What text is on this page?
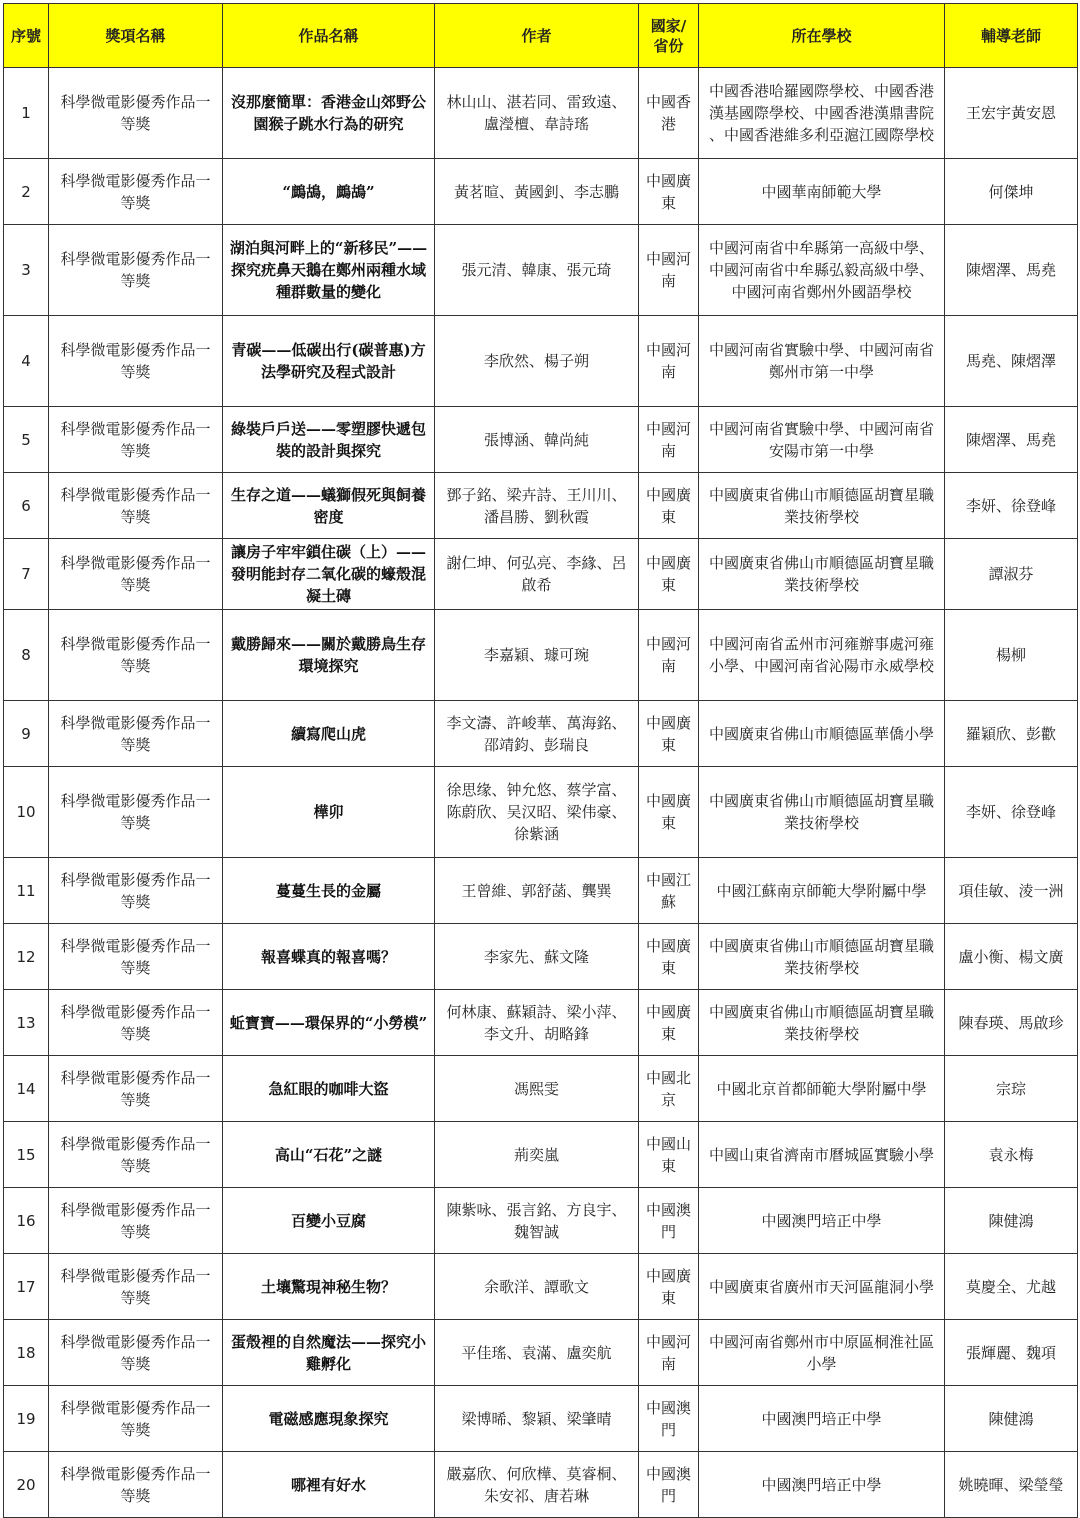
序號	獎項名稱	作品名稱	作者	國家/省份	所在學校	輔導老師
1	科學微電影優秀作品一等獎	沒那麼簡單：香港金山郊野公園猴子跳水行為的研究	林山山、湛若同、雷致遠、盧瀅檀、韋詩瑤	中國香港	中國香港哈羅國際學校、中國香港漢基國際學校、中國香港漢鼎書院 、中國香港維多利亞滬江國際學校	王宏宇黃安恩
2	科學微電影優秀作品一等獎	“鷓鴣，鷓鴣”	黃茗暄、黃國釗、李志鵬	中國廣東	中國華南師範大學	何傑坤
3	科學微電影優秀作品一等獎	湖泊與河畔上的“新移民”——探究疣鼻天鵝在鄭州兩種水域種群數量的變化	張元清、韓康、張元琦	中國河南	中國河南省中牟縣第一高級中學、中國河南省中牟縣弘毅高級中學、中國河南省鄭州外國語學校	陳熠澤、馬堯
4	科學微電影優秀作品一等獎	青碳——低碳出行(碳普惠)方法學研究及程式設計	李欣然、楊子朔	中國河南	中國河南省實驗中學、中國河南省鄭州市第一中學	馬堯、陳熠澤
5	科學微電影優秀作品一等獎	綠裝戶戶送——零塑膠快遞包裝的設計與探究	張博涵、韓尚純	中國河南	中國河南省實驗中學、中國河南省安陽市第一中學	陳熠澤、馬堯
6	科學微電影優秀作品一等獎	生存之道——蟻獅假死與飼養密度	鄧子銘、梁卉詩、王川川、潘昌勝、劉秋霞	中國廣東	中國廣東省佛山市順德區胡寶星職業技術學校	李妍、徐登峰
7	科學微電影優秀作品一等獎	讓房子牢牢鎖住碳（上）——發明能封存二氧化碳的蠔殼混凝土磚	謝仁坤、何弘亮、李緣、呂啟希	中國廣東	中國廣東省佛山市順德區胡寶星職業技術學校	譚淑芬
8	科學微電影優秀作品一等獎	戴勝歸來——關於戴勝鳥生存環境探究	李嘉穎、璩可琬	中國河南	中國河南省孟州市河雍辦事處河雍小學、中國河南省沁陽市永威學校	楊柳
9	科學微電影優秀作品一等獎	續寫爬山虎	李文濤、許峻華、萬海銘、邵靖鈞、彭瑞良	中國廣東	中國廣東省佛山市順德區華僑小學	羅穎欣、彭歡
10	科學微電影優秀作品一等獎	樺卯	徐思缘、钟允悠、蔡学富、陈蔚欣、吴汉昭、梁伟豪、徐紫涵	中國廣東	中國廣東省佛山市順德區胡寶星職業技術學校	李妍、徐登峰
11	科學微電影優秀作品一等獎	蔓蔓生長的金屬	王曾維、郭舒菡、龔巽	中國江蘇	中國江蘇南京師範大學附屬中學	項佳敏、淩一洲
12	科學微電影優秀作品一等獎	報喜蝶真的報喜嗎？	李家先、蘇文隆	中國廣東	中國廣東省佛山市順德區胡寶星職業技術學校	盧小衡、楊文廣
13	科學微電影優秀作品一等獎	蚯寶寶——環保界的“小勞模”	何林康、蘇穎詩、梁小萍、李文升、胡略鋒	中國廣東	中國廣東省佛山市順德區胡寶星職業技術學校	陳春瑛、馬啟珍
14	科學微電影優秀作品一等獎	急紅眼的咖啡大盜	馮熙雯	中國北京	中國北京首都師範大學附屬中學	宗琮
15	科學微電影優秀作品一等獎	高山“石花”之謎	荊奕嵐	中國山東	中國山東省濟南市曆城區實驗小學	袁永梅
16	科學微電影優秀作品一等獎	百變小豆腐	陳紫咏、張言銘、方良宇、魏智誠	中國澳門	中國澳門培正中學	陳健鴻
17	科學微電影優秀作品一等獎	土壤驚現神秘生物？	余歌洋、譚歌文	中國廣東	中國廣東省廣州市天河區龍洞小學	莫慶全、尤越
18	科學微電影優秀作品一等獎	蛋殼裡的自然魔法——探究小雞孵化	平佳瑤、袁滿、盧奕航	中國河南	中國河南省鄭州市中原區桐淮社區小學	張輝麗、魏項
19	科學微電影優秀作品一等獎	電磁感應現象探究	梁博晞、黎穎、梁肇晴	中國澳門	中國澳門培正中學	陳健鴻
20	科學微電影優秀作品一等獎	哪裡有好水	嚴嘉欣、何欣樺、莫睿桐、朱安祁、唐若琳	中國澳門	中國澳門培正中學	姚曉暉、梁瑩瑩
